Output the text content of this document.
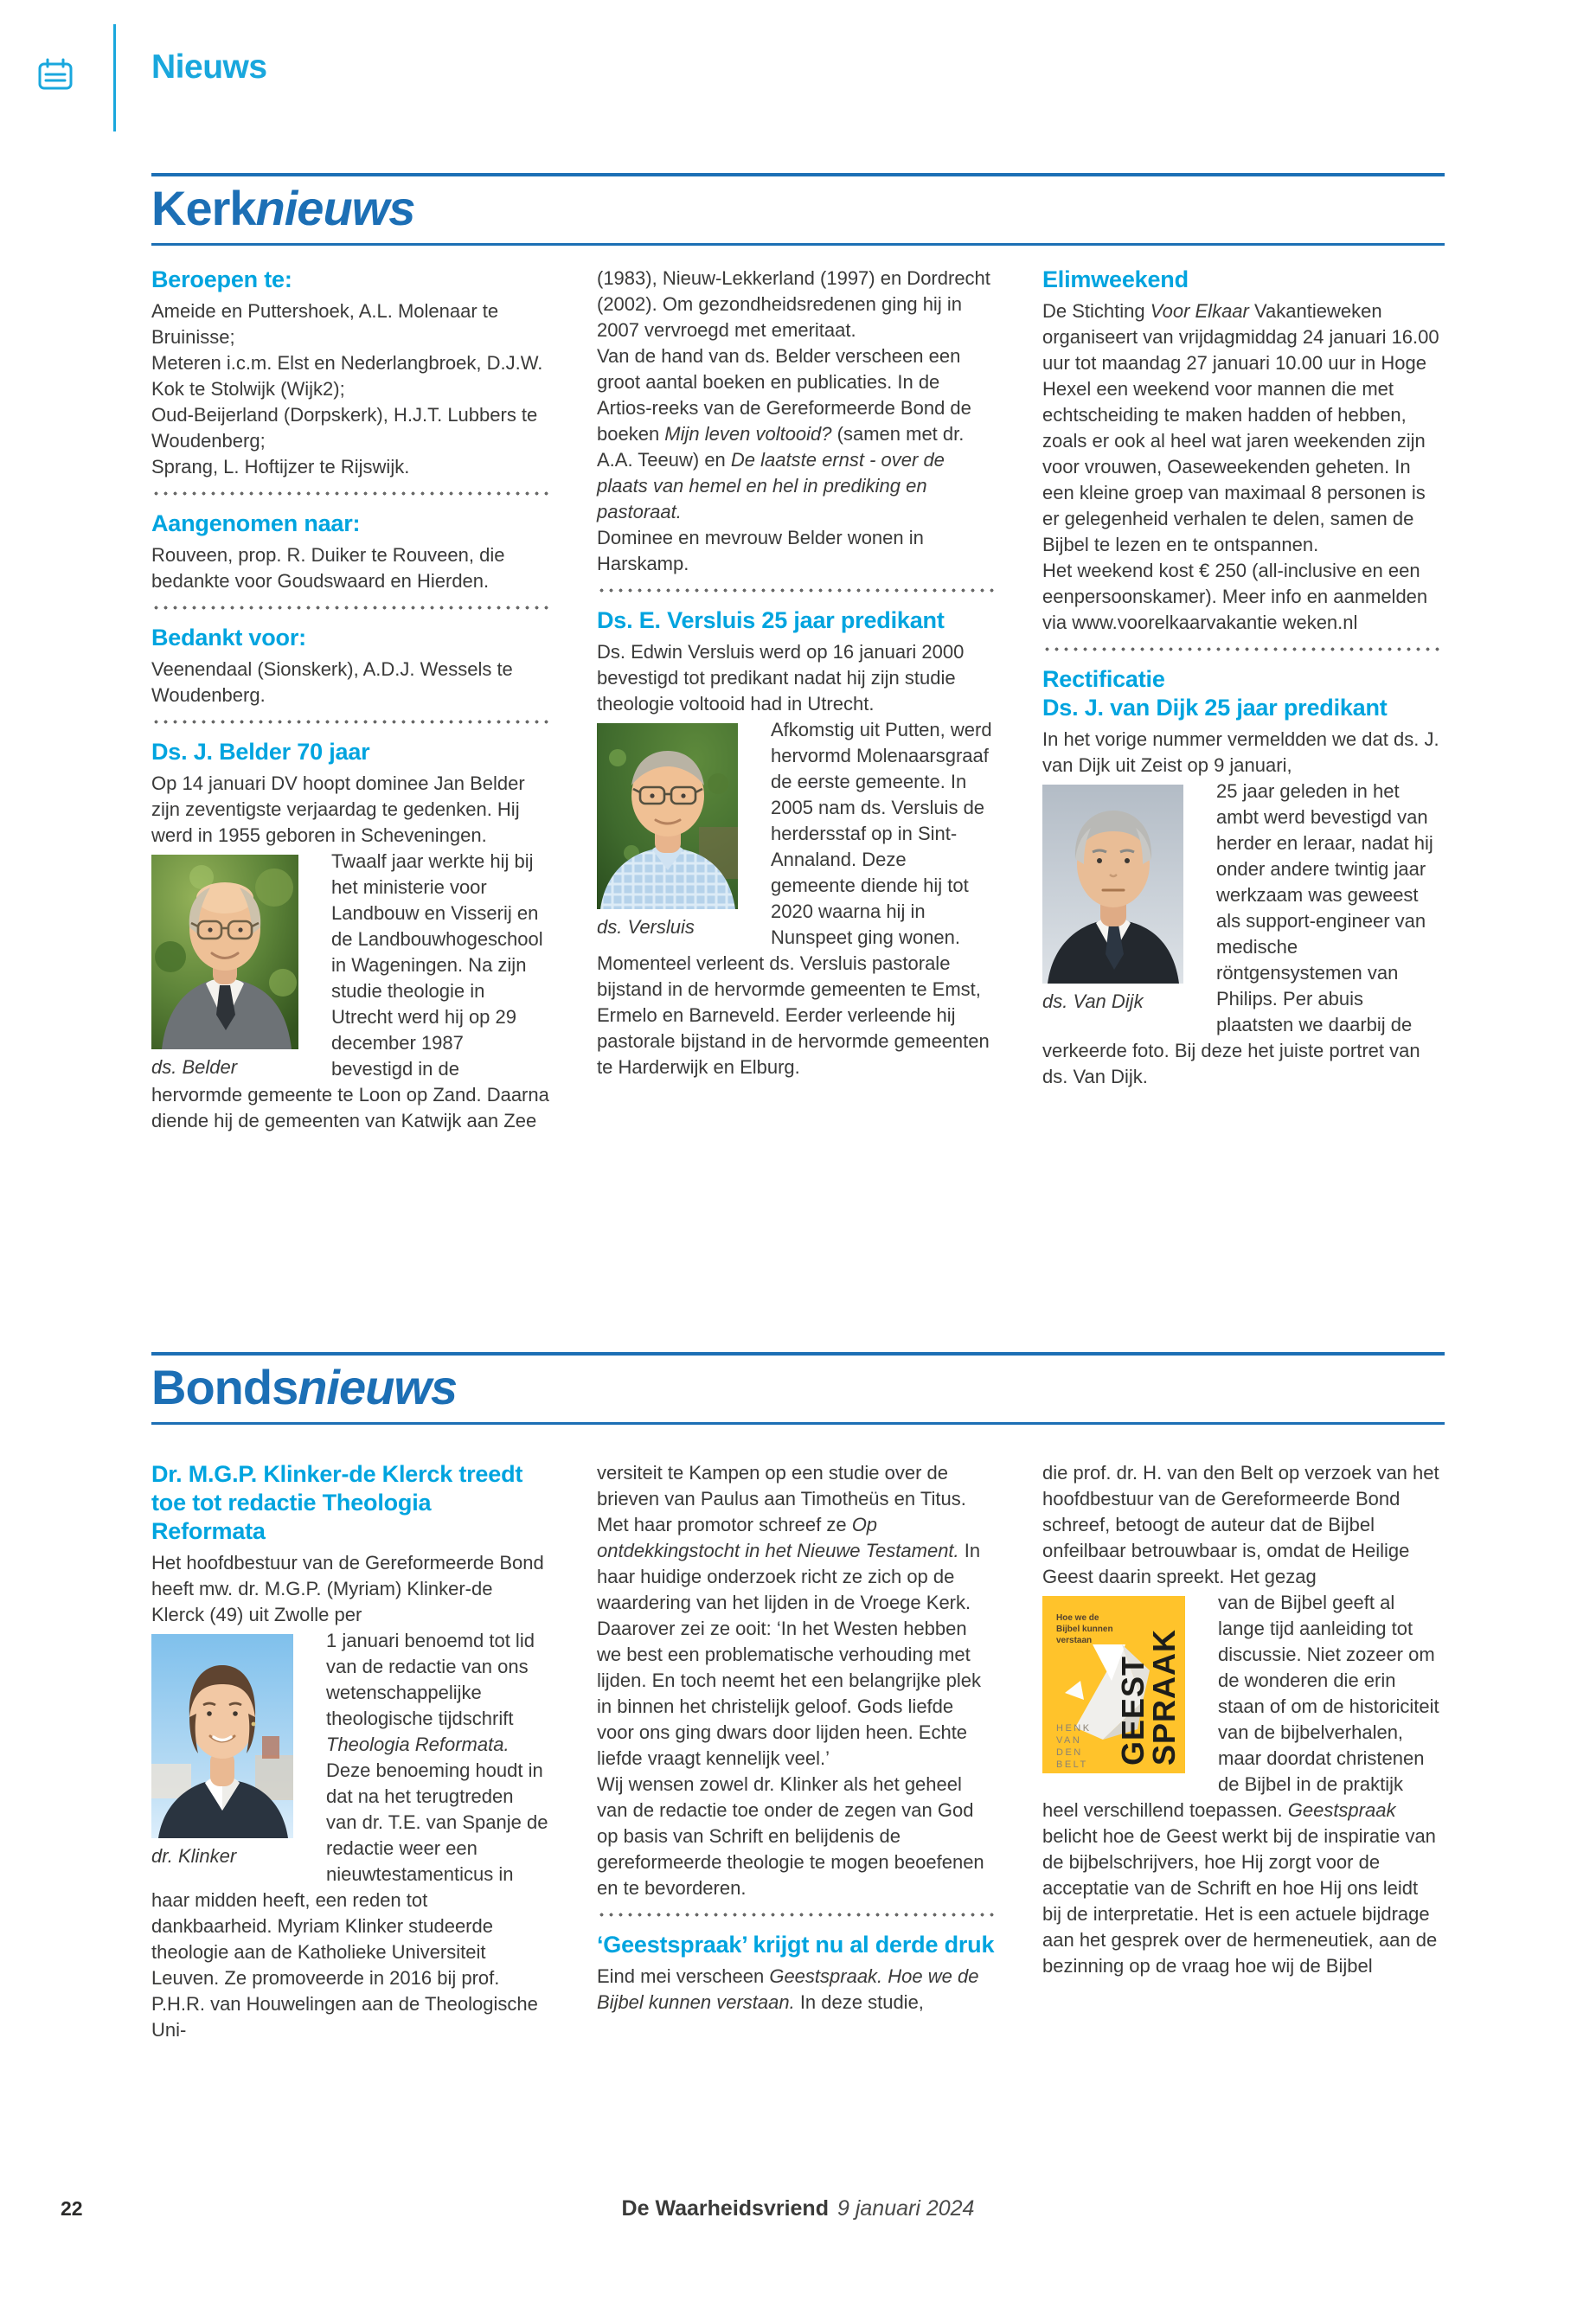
Nieuws
Kerknieuws
Beroepen te:

Ameide en Puttershoek, A.L. Molenaar te Bruinisse;

Meteren i.c.m. Elst en Nederlangbroek, D.J.W. Kok te Stolwijk (Wijk2);

Oud-Beijerland (Dorpskerk), H.J.T. Lubbers te Woudenberg;

Sprang, L. Hoftijzer te Rijswijk.

Aangenomen naar:

Rouveen, prop. R. Duiker te Rouveen, die bedankte voor Goudswaard en Hierden.

Bedankt voor:

Veenendaal (Sionskerk), A.D.J. Wessels te Woudenberg.

Ds. J. Belder 70 jaar

Op 14 januari DV hoopt dominee Jan Belder zijn zeventigste verjaardag te gedenken. Hij werd in 1955 geboren in Scheveningen.

ds. Belder

Twaalf jaar werkte hij bij het ministerie voor Landbouw en Visserij en de Landbouwhogeschool in Wageningen. Na zijn studie theologie in Utrecht werd hij op 29 december 1987 bevestigd in de hervormde gemeente te Loon op Zand. Daarna diende hij de gemeenten van Katwijk aan Zee

(1983), Nieuw-Lekkerland (1997) en Dordrecht (2002). Om gezondheidsredenen ging hij in 2007 vervroegd met emeritaat.

Van de hand van ds. Belder verscheen een groot aantal boeken en publicaties. In de Artios-reeks van de Gereformeerde Bond de boeken Mijn leven voltooid? (samen met dr. A.A. Teeuw) en De laatste ernst - over de plaats van hemel en hel in prediking en pastoraat.

Dominee en mevrouw Belder wonen in Harskamp.

Ds. E. Versluis 25 jaar predikant

Ds. Edwin Versluis werd op 16 januari 2000 bevestigd tot predikant nadat hij zijn studie theologie voltooid had in Utrecht.

ds. Versluis

Afkomstig uit Putten, werd hervormd Molenaarsgraaf de eerste gemeente. In 2005 nam ds. Versluis de herdersstaf op in Sint-Annaland. Deze gemeente diende hij tot 2020 waarna hij in Nunspeet ging wonen. Momenteel verleent ds. Versluis pastorale bijstand in de hervormde gemeenten te Emst, Ermelo en Barneveld. Eerder verleende hij pastorale bijstand in de hervormde gemeenten te Harderwijk en Elburg.

Elimweekend

De Stichting Voor Elkaar Vakantieweken organiseert van vrijdagmiddag 24 januari 16.00 uur tot maandag 27 januari 10.00 uur in Hoge Hexel een weekend voor mannen die met echtscheiding te maken hadden of hebben, zoals er ook al heel wat jaren weekenden zijn voor vrouwen, Oaseweekenden geheten. In een kleine groep van maximaal 8 personen is er gelegenheid verhalen te delen, samen de Bijbel te lezen en te ontspannen.

Het weekend kost € 250 (all-inclusive en een eenpersoonskamer). Meer info en aanmelden via www.voorelkaarvakantie weken.nl

Rectificatie
Ds. J. van Dijk 25 jaar predikant

In het vorige nummer vermeldden we dat ds. J. van Dijk uit Zeist op 9 januari,

ds. Van Dijk

25 jaar geleden in het ambt werd bevestigd van herder en leraar, nadat hij onder andere twintig jaar werkzaam was geweest als support-engineer van medische röntgensystemen van Philips. Per abuis plaatsten we daarbij de verkeerde foto. Bij deze het juiste portret van ds. Van Dijk.

Bondsnieuws
Dr. M.G.P. Klinker-de Klerck treedt toe tot redactie Theologia Reformata

Het hoofdbestuur van de Gereformeerde Bond heeft mw. dr. M.G.P. (Myriam) Klinker-de Klerck (49) uit Zwolle per

dr. Klinker

1 januari benoemd tot lid van de redactie van ons wetenschappelijke theologische tijdschrift Theologia Reformata. Deze benoeming houdt in dat na het terugtreden van dr. T.E. van Spanje de redactie weer een nieuwtestamenticus in haar midden heeft, een reden tot dankbaarheid. Myriam Klinker studeerde theologie aan de Katholieke Universiteit Leuven. Ze promoveerde in 2016 bij prof. P.H.R. van Houwelingen aan de Theologische Uni-

versiteit te Kampen op een studie over de brieven van Paulus aan Timotheüs en Titus. Met haar promotor schreef ze Op ontdekkingstocht in het Nieuwe Testament. In haar huidige onderzoek richt ze zich op de waardering van het lijden in de Vroege Kerk. Daarover zei ze ooit: ‘In het Westen hebben we best een problematische verhouding met lijden. En toch neemt het een belangrijke plek in binnen het christelijk geloof. Gods liefde voor ons ging dwars door lijden heen. Echte liefde vraagt kennelijk veel.’

Wij wensen zowel dr. Klinker als het geheel van de redactie toe onder de zegen van God op basis van Schrift en belijdenis de gereformeerde theologie te mogen beoefenen en te bevorderen.

‘Geestspraak’ krijgt nu al derde druk

Eind mei verscheen Geestspraak. Hoe we de Bijbel kunnen verstaan. In deze studie,

die prof. dr. H. van den Belt op verzoek van het hoofdbestuur van de Gereformeerde Bond schreef, betoogt de auteur dat de Bijbel onfeilbaar betrouwbaar is, omdat de Heilige Geest daarin spreekt. Het gezag

Hoe we de
Bijbel kunnen
verstaan
GEEST
SPRAAK
HENK
VAN
DEN
BELT

van de Bijbel geeft al lange tijd aanleiding tot discussie. Niet zozeer om de wonderen die erin staan of om de historiciteit van de bijbelverhalen, maar doordat christenen de Bijbel in de praktijk heel verschillend toepassen. Geestspraak belicht hoe de Geest werkt bij de inspiratie van de bijbelschrijvers, hoe Hij zorgt voor de acceptatie van de Schrift en hoe Hij ons leidt bij de interpretatie. Het is een actuele bijdrage aan het gesprek over de hermeneutiek, aan de bezinning op de vraag hoe wij de Bijbel

22	De Waarheidsvriend 9 januari 2024
